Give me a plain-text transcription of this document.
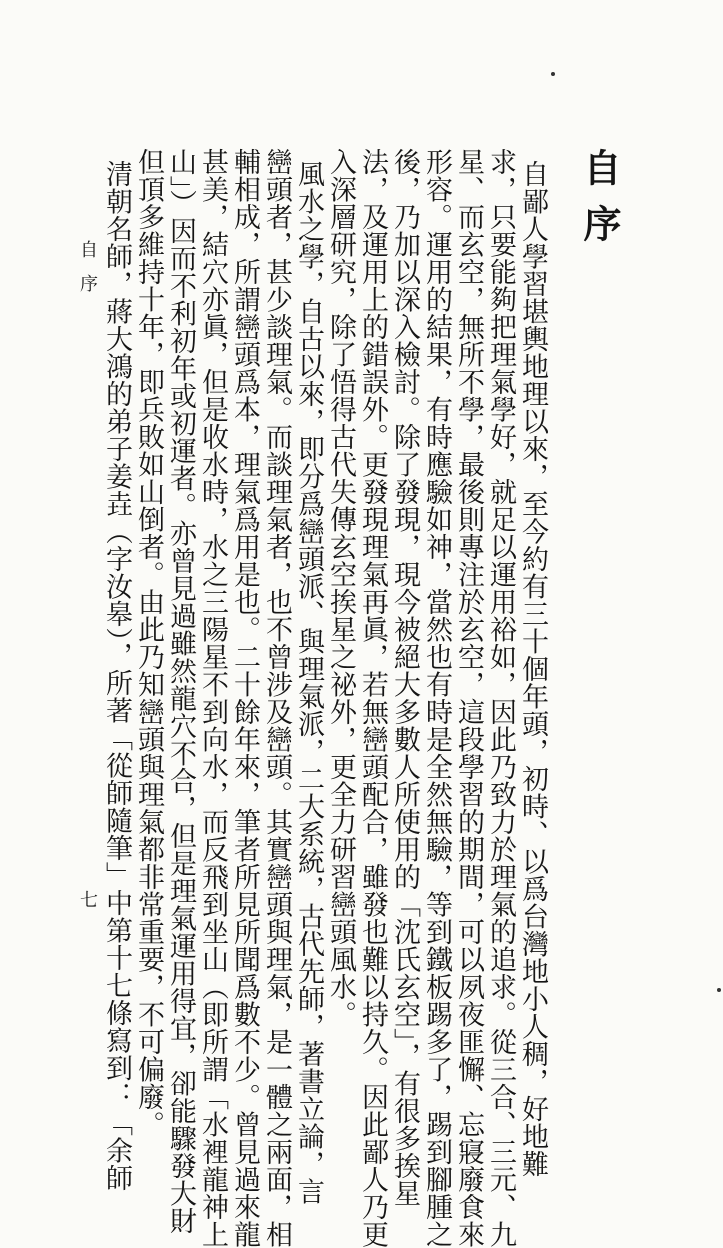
自序
自鄙人學習堪輿地理以來，至今約有三十個年頭，初時、以爲台灣地小人稠，好地難
求，只要能夠把理氣學好，就足以運用裕如，因此乃致力於理氣的追求。從三合、三元、九
星、而玄空，無所不學，最後則專注於玄空，這段學習的期間，可以夙夜匪懈、忘寢廢食來
形容。運用的結果，有時應驗如神，當然也有時是全然無驗，等到鐵板踢多了，踢到腳腫之
後，乃加以深入檢討。除了發現，現今被絕大多數人所使用的「沈氏玄空」，有很多挨星
法，及運用上的錯誤外。更發現理氣再眞，若無巒頭配合，雖發也難以持久。因此鄙人乃更
入深層研究，除了悟得古代失傳玄空挨星之祕外，更全力研習巒頭風水。
風水之學，自古以來，即分爲巒頭派、與理氣派，二大系統，古代先師，著書立論，言
巒頭者，甚少談理氣。而談理氣者，也不曾涉及巒頭。其實巒頭與理氣，是一體之兩面，相
輔相成，所謂巒頭爲本，理氣爲用是也。二十餘年來，筆者所見所聞爲數不少。曾見過來龍
甚美，結穴亦眞，但是收水時，水之三陽星不到向水，而反飛到坐山（即所謂「水裡龍神上
山」）因而不利初年或初運者。亦曾見過雖然龍穴不合，但是理氣運用得宜，卻能驟發大財
但頂多維持十年，即兵敗如山倒者。由此乃知巒頭與理氣都非常重要，不可偏廢。
清朝名師，蔣大鴻的弟子姜垚（字汝皋），所著「從師隨筆」中第十七條寫到：「余師
自序
七
